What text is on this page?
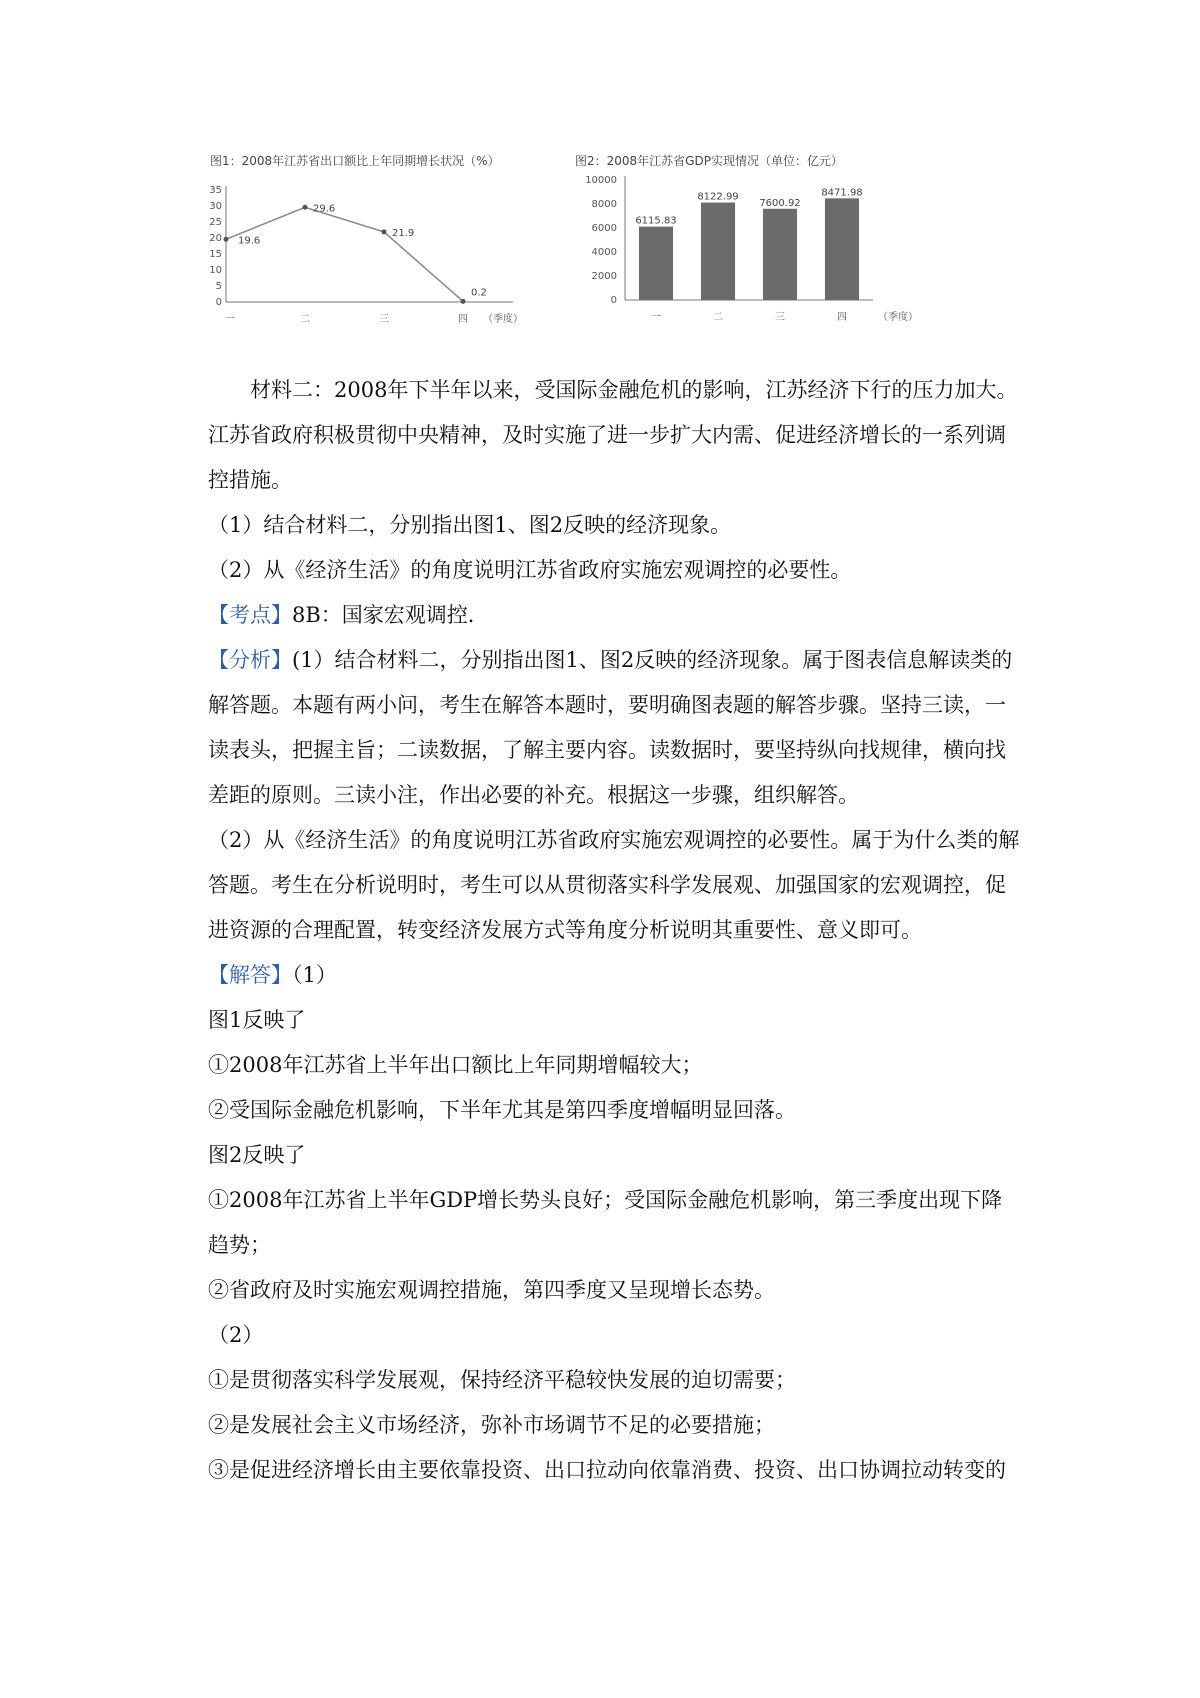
图1：2008年江苏省出口额比上年同期增长状况（%）
0
5
10
15
20
25
30
35
一	二	三	四 （季度）
19.6
29.6
21.9
0.2
图2：2008年江苏省GDP实现情况（单位：亿元）
0
2000
4000
6000
8000
10000
6115.83
一
8122.99
二
7600.92
三
8471.98
四	（季度）

材料二：2008年下半年以来，受国际金融危机的影响，江苏经济下行的压力加大。江苏省政府积极贯彻中央精神，及时实施了进一步扩大内需、促进经济增长的一系列调控措施。

（1）结合材料二，分别指出图1、图2反映的经济现象。

（2）从《经济生活》的角度说明江苏省政府实施宏观调控的必要性。

【考点】8B：国家宏观调控．

【分析】(1）结合材料二，分别指出图1、图2反映的经济现象。属于图表信息解读类的解答题。本题有两小问，考生在解答本题时，要明确图表题的解答步骤。坚持三读，一读表头，把握主旨；二读数据，了解主要内容。读数据时，要坚持纵向找规律，横向找差距的原则。三读小注，作出必要的补充。根据这一步骤，组织解答。

（2）从《经济生活》的角度说明江苏省政府实施宏观调控的必要性。属于为什么类的解答题。考生在分析说明时，考生可以从贯彻落实科学发展观、加强国家的宏观调控，促进资源的合理配置，转变经济发展方式等角度分析说明其重要性、意义即可。

【解答】（1）

图1反映了

①2008年江苏省上半年出口额比上年同期增幅较大；

②受国际金融危机影响，下半年尤其是第四季度增幅明显回落。

图2反映了

①2008年江苏省上半年GDP增长势头良好；受国际金融危机影响，第三季度出现下降趋势；

②省政府及时实施宏观调控措施，第四季度又呈现增长态势。

（2）

①是贯彻落实科学发展观，保持经济平稳较快发展的迫切需要；

②是发展社会主义市场经济，弥补市场调节不足的必要措施；

③是促进经济增长由主要依靠投资、出口拉动向依靠消费、投资、出口协调拉动转变的
